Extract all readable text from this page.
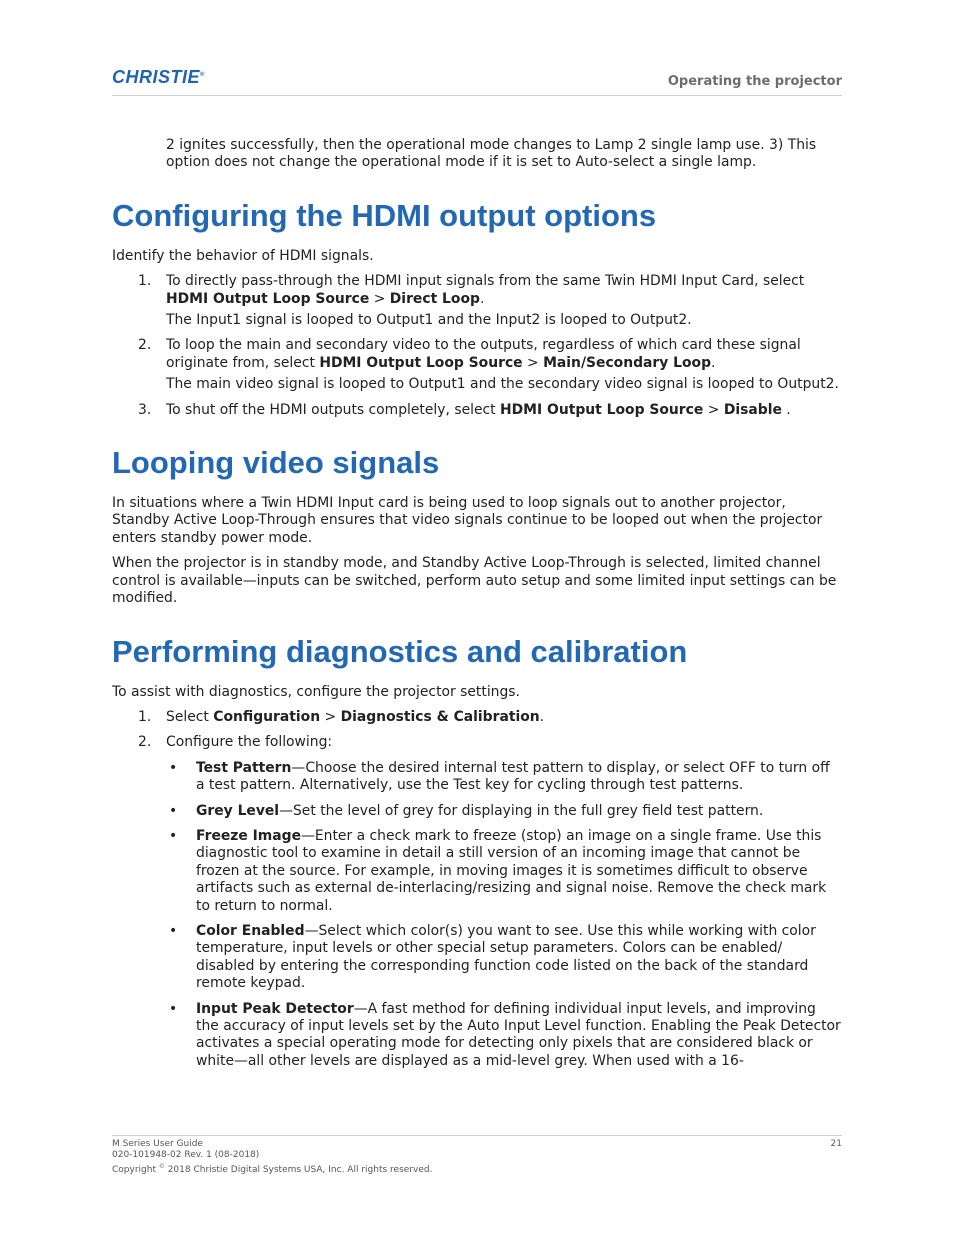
CHRISTIE®	Operating the projector

2 ignites successfully, then the operational mode changes to Lamp 2 single lamp use. 3) This option does not change the operational mode if it is set to Auto-select a single lamp.

Configuring the HDMI output options

Identify the behavior of HDMI signals.

1. To directly pass-through the HDMI input signals from the same Twin HDMI Input Card, select HDMI Output Loop Source > Direct Loop.

The Input1 signal is looped to Output1 and the Input2 is looped to Output2.

2. To loop the main and secondary video to the outputs, regardless of which card these signal originate from, select HDMI Output Loop Source > Main/Secondary Loop.

The main video signal is looped to Output1 and the secondary video signal is looped to Output2.

3. To shut off the HDMI outputs completely, select HDMI Output Loop Source > Disable .
Looping video signals

In situations where a Twin HDMI Input card is being used to loop signals out to another projector, Standby Active Loop-Through ensures that video signals continue to be looped out when the projector enters standby power mode.

When the projector is in standby mode, and Standby Active Loop-Through is selected, limited channel control is available—inputs can be switched, perform auto setup and some limited input settings can be modified.

Performing diagnostics and calibration

To assist with diagnostics, configure the projector settings.

1. Select Configuration > Diagnostics & Calibration.
2. Configure the following:
• Test Pattern—Choose the desired internal test pattern to display, or select OFF to turn off a test pattern. Alternatively, use the Test key for cycling through test patterns.
• Grey Level—Set the level of grey for displaying in the full grey field test pattern.
• Freeze Image—Enter a check mark to freeze (stop) an image on a single frame. Use this diagnostic tool to examine in detail a still version of an incoming image that cannot be frozen at the source. For example, in moving images it is sometimes difficult to observe artifacts such as external de-interlacing/resizing and signal noise. Remove the check mark to return to normal.
• Color Enabled—Select which color(s) you want to see. Use this while working with color temperature, input levels or other special setup parameters. Colors can be enabled/ disabled by entering the corresponding function code listed on the back of the standard remote keypad.
• Input Peak Detector—A fast method for defining individual input levels, and improving the accuracy of input levels set by the Auto Input Level function. Enabling the Peak Detector activates a special operating mode for detecting only pixels that are considered black or white—all other levels are displayed as a mid-level grey. When used with a 16-
M Series User Guide
020-101948-02 Rev. 1 (08-2018)
Copyright © 2018 Christie Digital Systems USA, Inc. All rights reserved.
21
